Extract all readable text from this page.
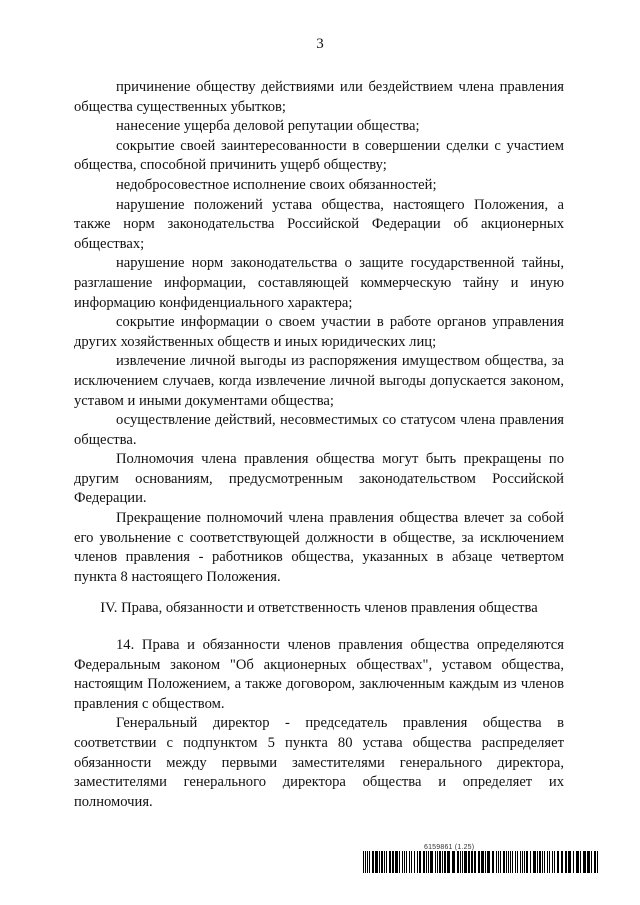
3

причинение обществу действиями или бездействием члена правления общества существенных убытков;

нанесение ущерба деловой репутации общества;

сокрытие своей заинтересованности в совершении сделки с участием общества, способной причинить ущерб обществу;

недобросовестное исполнение своих обязанностей;

нарушение положений устава общества, настоящего Положения, а также норм законодательства Российской Федерации об акционерных обществах;

нарушение норм законодательства о защите государственной тайны, разглашение информации, составляющей коммерческую тайну и иную информацию конфиденциального характера;

сокрытие информации о своем участии в работе органов управления других хозяйственных обществ и иных юридических лиц;

извлечение личной выгоды из распоряжения имуществом общества, за исключением случаев, когда извлечение личной выгоды допускается законом, уставом и иными документами общества;

осуществление действий, несовместимых со статусом члена правления общества.

Полномочия члена правления общества могут быть прекращены по другим основаниям, предусмотренным законодательством Российской Федерации.

Прекращение полномочий члена правления общества влечет за собой его увольнение с соответствующей должности в обществе, за исключением членов правления - работников общества, указанных в абзаце четвертом пункта 8 настоящего Положения.

IV. Права, обязанности и ответственность членов правления общества

14. Права и обязанности членов правления общества определяются Федеральным законом "Об акционерных обществах", уставом общества, настоящим Положением, а также договором, заключенным каждым из членов правления с обществом.

Генеральный директор - председатель правления общества в соответствии с подпунктом 5 пункта 80 устава общества распределяет обязанности между первыми заместителями генерального директора, заместителями генерального директора общества и определяет их полномочия.

6159861 (1.25)
